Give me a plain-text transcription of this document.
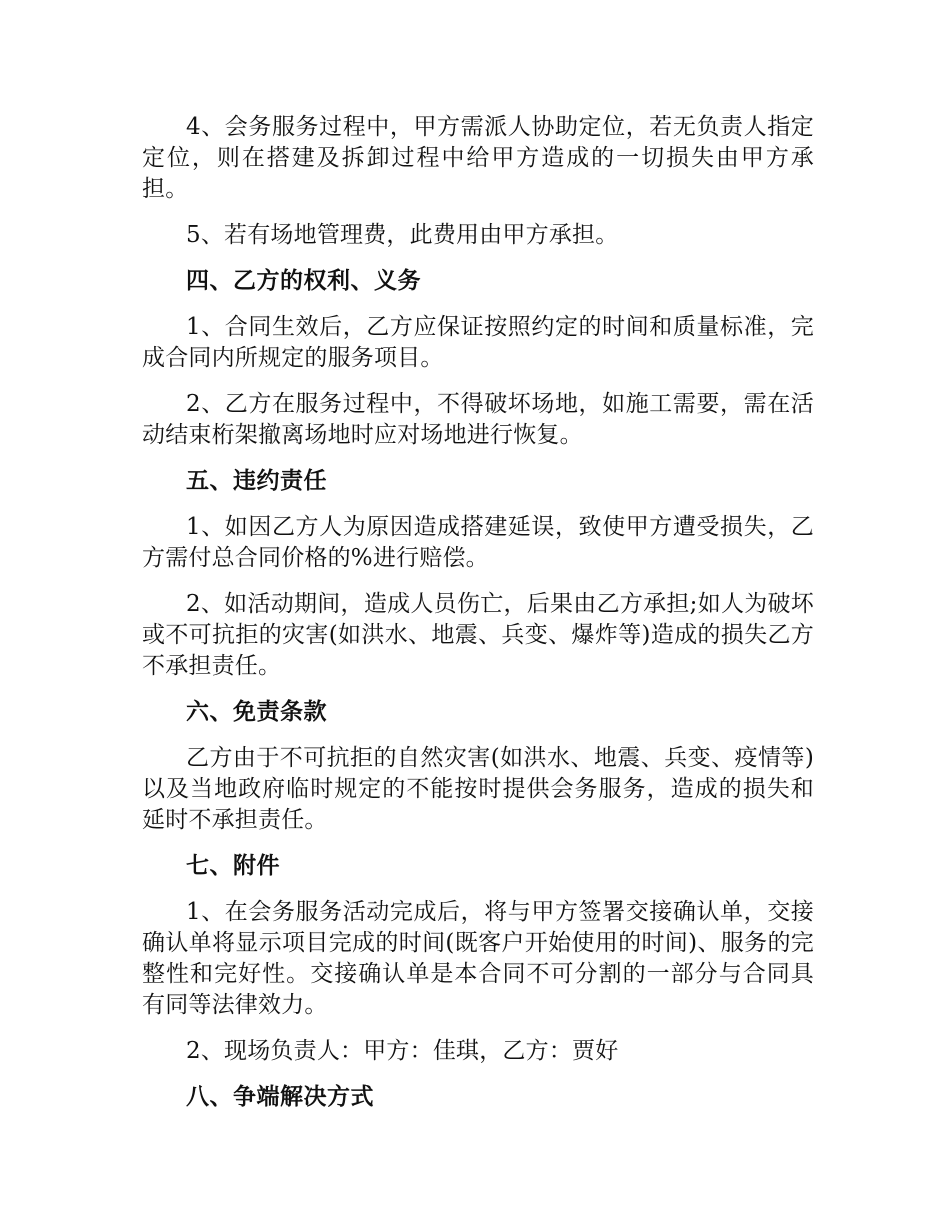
4、会务服务过程中，甲方需派人协助定位，若无负责人指定定位，则在搭建及拆卸过程中给甲方造成的一切损失由甲方承担。

5、若有场地管理费，此费用由甲方承担。

四、乙方的权利、义务

1、合同生效后，乙方应保证按照约定的时间和质量标准，完成合同内所规定的服务项目。

2、乙方在服务过程中，不得破坏场地，如施工需要，需在活动结束桁架撤离场地时应对场地进行恢复。

五、违约责任

1、如因乙方人为原因造成搭建延误，致使甲方遭受损失，乙方需付总合同价格的%进行赔偿。

2、如活动期间，造成人员伤亡，后果由乙方承担;如人为破坏或不可抗拒的灾害(如洪水、地震、兵变、爆炸等)造成的损失乙方不承担责任。

六、免责条款

乙方由于不可抗拒的自然灾害(如洪水、地震、兵变、疫情等)以及当地政府临时规定的不能按时提供会务服务，造成的损失和延时不承担责任。

七、附件

1、在会务服务活动完成后，将与甲方签署交接确认单，交接确认单将显示项目完成的时间(既客户开始使用的时间)、服务的完整性和完好性。交接确认单是本合同不可分割的一部分与合同具有同等法律效力。

2、现场负责人：甲方：佳琪，乙方：贾好

八、争端解决方式
